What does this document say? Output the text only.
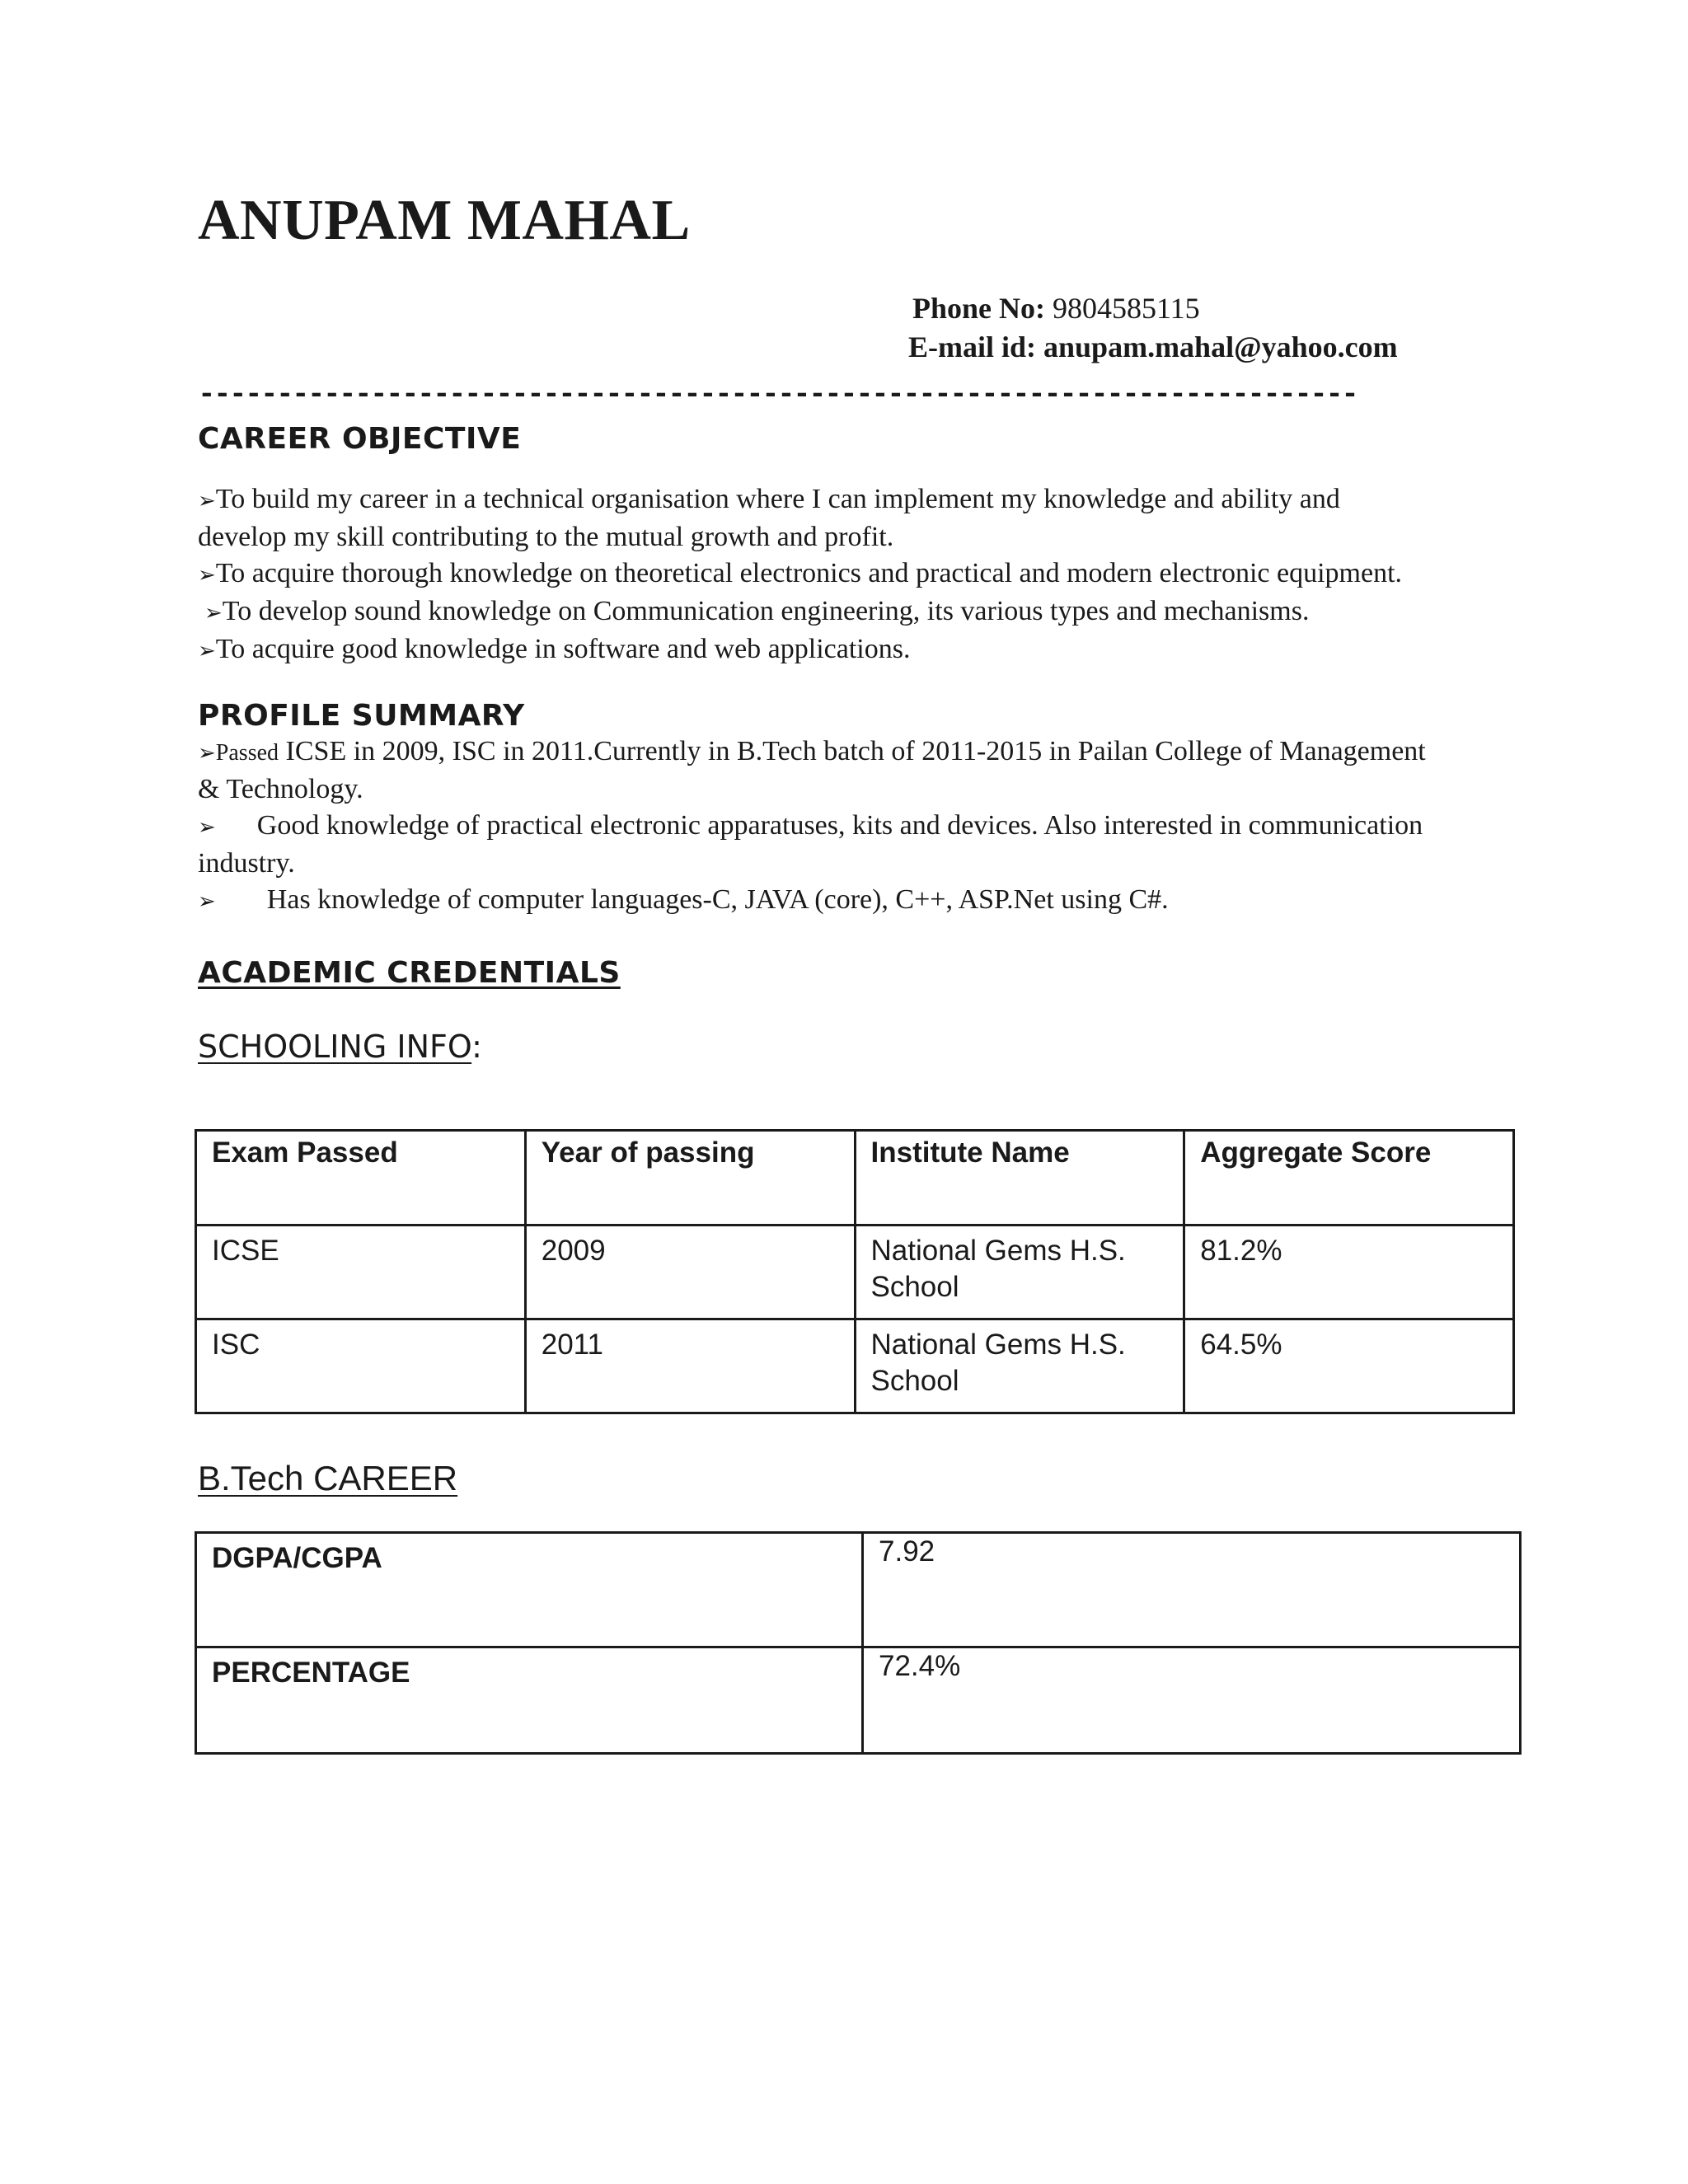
ANUPAM MAHAL
Phone No: 9804585115
E-mail id: anupam.mahal@yahoo.com
--------------------------------------------------------------------------
CAREER OBJECTIVE

➢To build my career in a technical organisation where I can implement my knowledge and ability and develop my skill contributing to the mutual growth and profit.

➢To acquire thorough knowledge on theoretical electronics and practical and modern electronic equipment.

➢To develop sound knowledge on Communication engineering, its various types and mechanisms.

➢To acquire good knowledge in software and web applications.

PROFILE SUMMARY

➢Passed ICSE in 2009, ISC in 2011.Currently in B.Tech batch of 2011-2015 in Pailan College of Management & Technology.

➢ Good knowledge of practical electronic apparatuses, kits and devices. Also interested in communication industry.

➢ Has knowledge of computer languages-C, JAVA (core), C++, ASP.Net using C#.

ACADEMIC CREDENTIALS
SCHOOLING INFO:
Exam Passed	Year of passing	Institute Name	Aggregate Score
ICSE	2009	National Gems H.S. School	81.2%
ISC	2011	National Gems H.S. School	64.5%
B.Tech CAREER
DGPA/CGPA	7.92
PERCENTAGE	72.4%
